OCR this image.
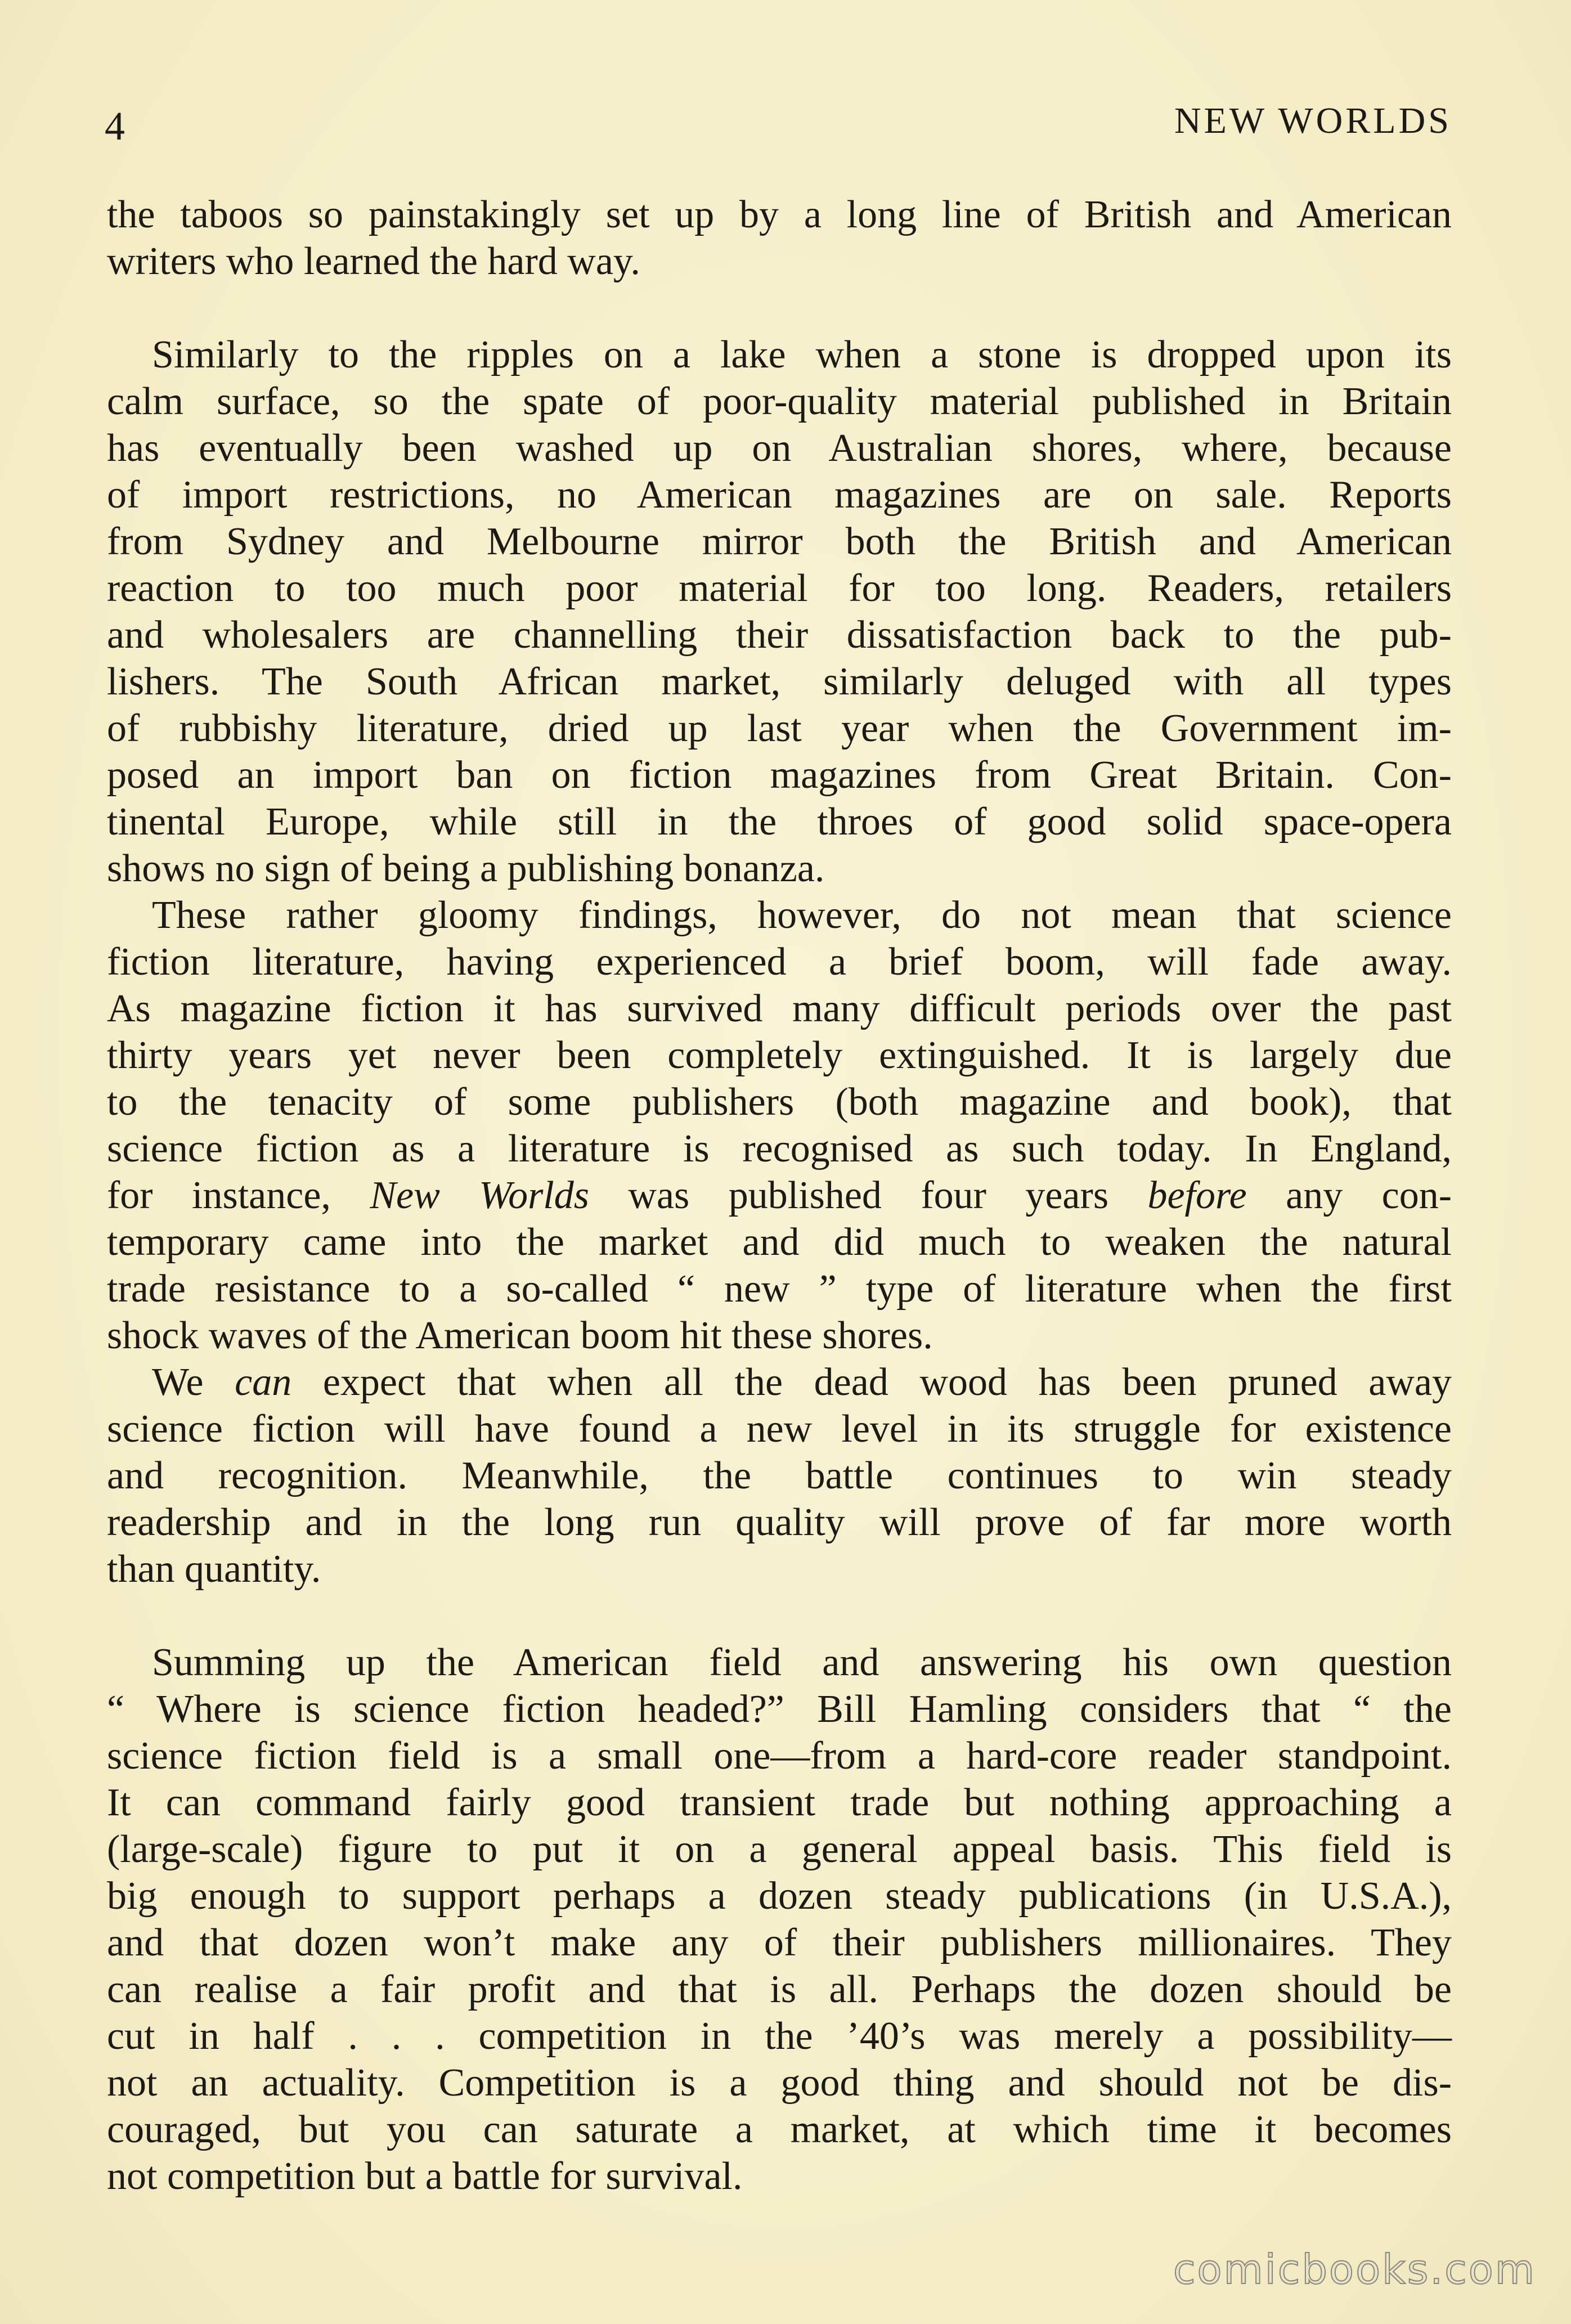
4	NEW WORLDS
the taboos so painstakingly set up by a long line of British and American
writers who learned the hard way.
Similarly to the ripples on a lake when a stone is dropped upon its
calm surface, so the spate of poor-quality material published in Britain
has eventually been washed up on Australian shores, where, because
of import restrictions, no American magazines are on sale. Reports
from Sydney and Melbourne mirror both the British and American
reaction to too much poor material for too long. Readers, retailers
and wholesalers are channelling their dissatisfaction back to the pub-
lishers. The South African market, similarly deluged with all types
of rubbishy literature, dried up last year when the Government im-
posed an import ban on fiction magazines from Great Britain. Con-
tinental Europe, while still in the throes of good solid space-opera
shows no sign of being a publishing bonanza.
These rather gloomy findings, however, do not mean that science
fiction literature, having experienced a brief boom, will fade away.
As magazine fiction it has survived many difficult periods over the past
thirty years yet never been completely extinguished. It is largely due
to the tenacity of some publishers (both magazine and book), that
science fiction as a literature is recognised as such today. In England,
for instance, New Worlds was published four years before any con-
temporary came into the market and did much to weaken the natural
trade resistance to a so-called “ new ” type of literature when the first
shock waves of the American boom hit these shores.
We can expect that when all the dead wood has been pruned away
science fiction will have found a new level in its struggle for existence
and recognition. Meanwhile, the battle continues to win steady
readership and in the long run quality will prove of far more worth
than quantity.
Summing up the American field and answering his own question
“ Where is science fiction headed?” Bill Hamling considers that “ the
science fiction field is a small one—from a hard-core reader standpoint.
It can command fairly good transient trade but nothing approaching a
(large-scale) figure to put it on a general appeal basis. This field is
big enough to support perhaps a dozen steady publications (in U.S.A.),
and that dozen won’t make any of their publishers millionaires. They
can realise a fair profit and that is all. Perhaps the dozen should be
cut in half . . . competition in the ’40’s was merely a possibility—
not an actuality. Competition is a good thing and should not be dis-
couraged, but you can saturate a market, at which time it becomes
not competition but a battle for survival.
comicbooks.com
